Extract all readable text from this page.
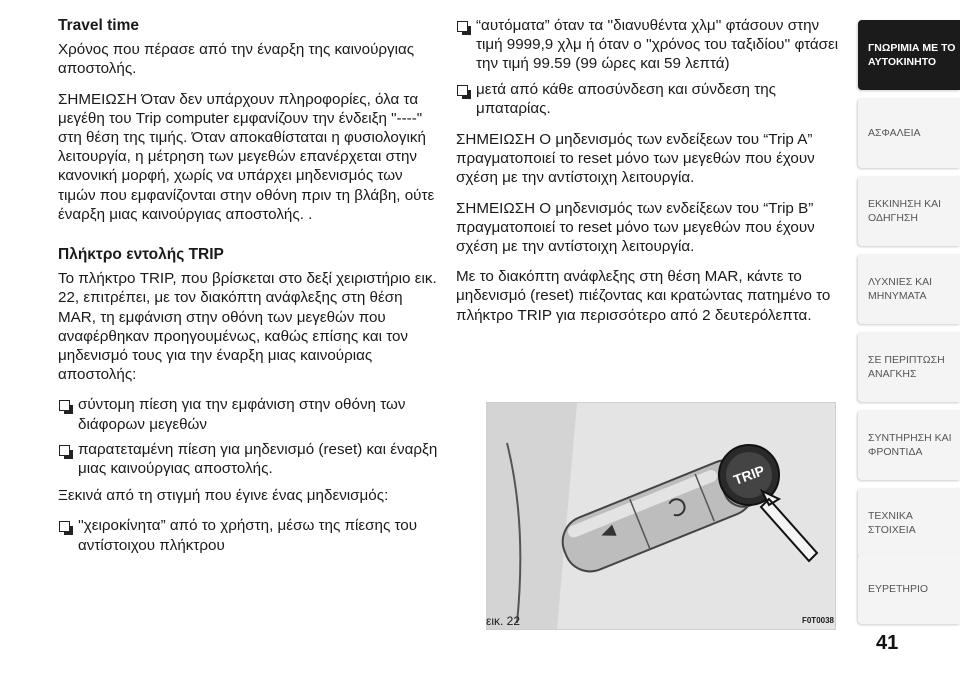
Travel time

Χρόνος που πέρασε από την έναρξη της καινούργιας αποστολής.

ΣΗΜΕΙΩΣΗ Όταν δεν υπάρχουν πληροφορίες, όλα τα μεγέθη του Trip computer εμφανίζουν την ένδειξη "----" στη θέση της τιμής. Όταν αποκαθίσταται η φυσιολογική λειτουργία, η μέτρηση των μεγεθών επανέρχεται στην κανονική μορφή, χωρίς να υπάρχει μηδενισμός των τιμών που εμφανίζονται στην οθόνη πριν τη βλάβη, ούτε έναρξη μιας καινούργιας αποστολής. .

Πλήκτρο εντολής TRIP

Το πλήκτρο TRIP, που βρίσκεται στο δεξί χειριστήριο εικ. 22, επιτρέπει, με τον διακόπτη ανάφλεξης στη θέση MAR, τη εμφάνιση στην οθόνη των μεγεθών που αναφέρθηκαν προηγουμένως, καθώς επίσης και τον μηδενισμό τους για την έναρξη μιας καινούριας αποστολής:

σύντομη πίεση για την εμφάνιση στην οθόνη των διάφορων μεγεθών
παρατεταμένη πίεση για μηδενισμό (reset) και έναρξη μιας καινούργιας αποστολής.

Ξεκινά από τη στιγμή που έγινε ένας μηδενισμός:

''χειροκίνητα” από το χρήστη, μέσω της πίεσης του αντίστοιχου πλήκτρου
“αυτόματα” όταν τα ''διανυθέντα χλμ'' φτάσουν στην τιμή 9999,9 χλμ ή όταν ο ''χρόνος του ταξιδίου'' φτάσει την τιμή 99.59 (99 ώρες και 59 λεπτά)
μετά από κάθε αποσύνδεση και σύνδεση της μπαταρίας.

ΣΗΜΕΙΩΣΗ Ο μηδενισμός των ενδείξεων του “Trip A” πραγματοποιεί το reset μόνο των μεγεθών που έχουν σχέση με την αντίστοιχη λειτουργία.

ΣΗΜΕΙΩΣΗ Ο μηδενισμός των ενδείξεων του “Trip B” πραγματοποιεί το reset μόνο των μεγεθών που έχουν σχέση με την αντίστοιχη λειτουργία.

Με το διακόπτη ανάφλεξης στη θέση MAR, κάντε το μηδενισμό (reset) πιέζοντας και κρατώντας πατημένο το πλήκτρο TRIP για περισσότερο από 2 δευτερόλεπτα.

TRIP
εικ. 22	F0T0038
ΓΝΩΡΙΜΙΑ ΜΕ ΤΟ
ΑΥΤΟΚΙΝΗΤΟ
ΑΣΦΑΛΕΙΑ
ΕΚΚΙΝΗΣΗ ΚΑΙ
ΟΔΗΓΗΣΗ
ΛΥΧΝΙΕΣ ΚΑΙ
ΜΗΝΥΜΑΤΑ
ΣΕ ΠΕΡΙΠΤΩΣΗ
ΑΝΑΓΚΗΣ
ΣΥΝΤΗΡΗΣΗ ΚΑΙ
ΦΡΟΝΤΙΔΑ
ΤΕΧΝΙΚΑ ΣΤΟΙΧΕΙΑ
ΕΥΡΕΤΗΡΙΟ
41
